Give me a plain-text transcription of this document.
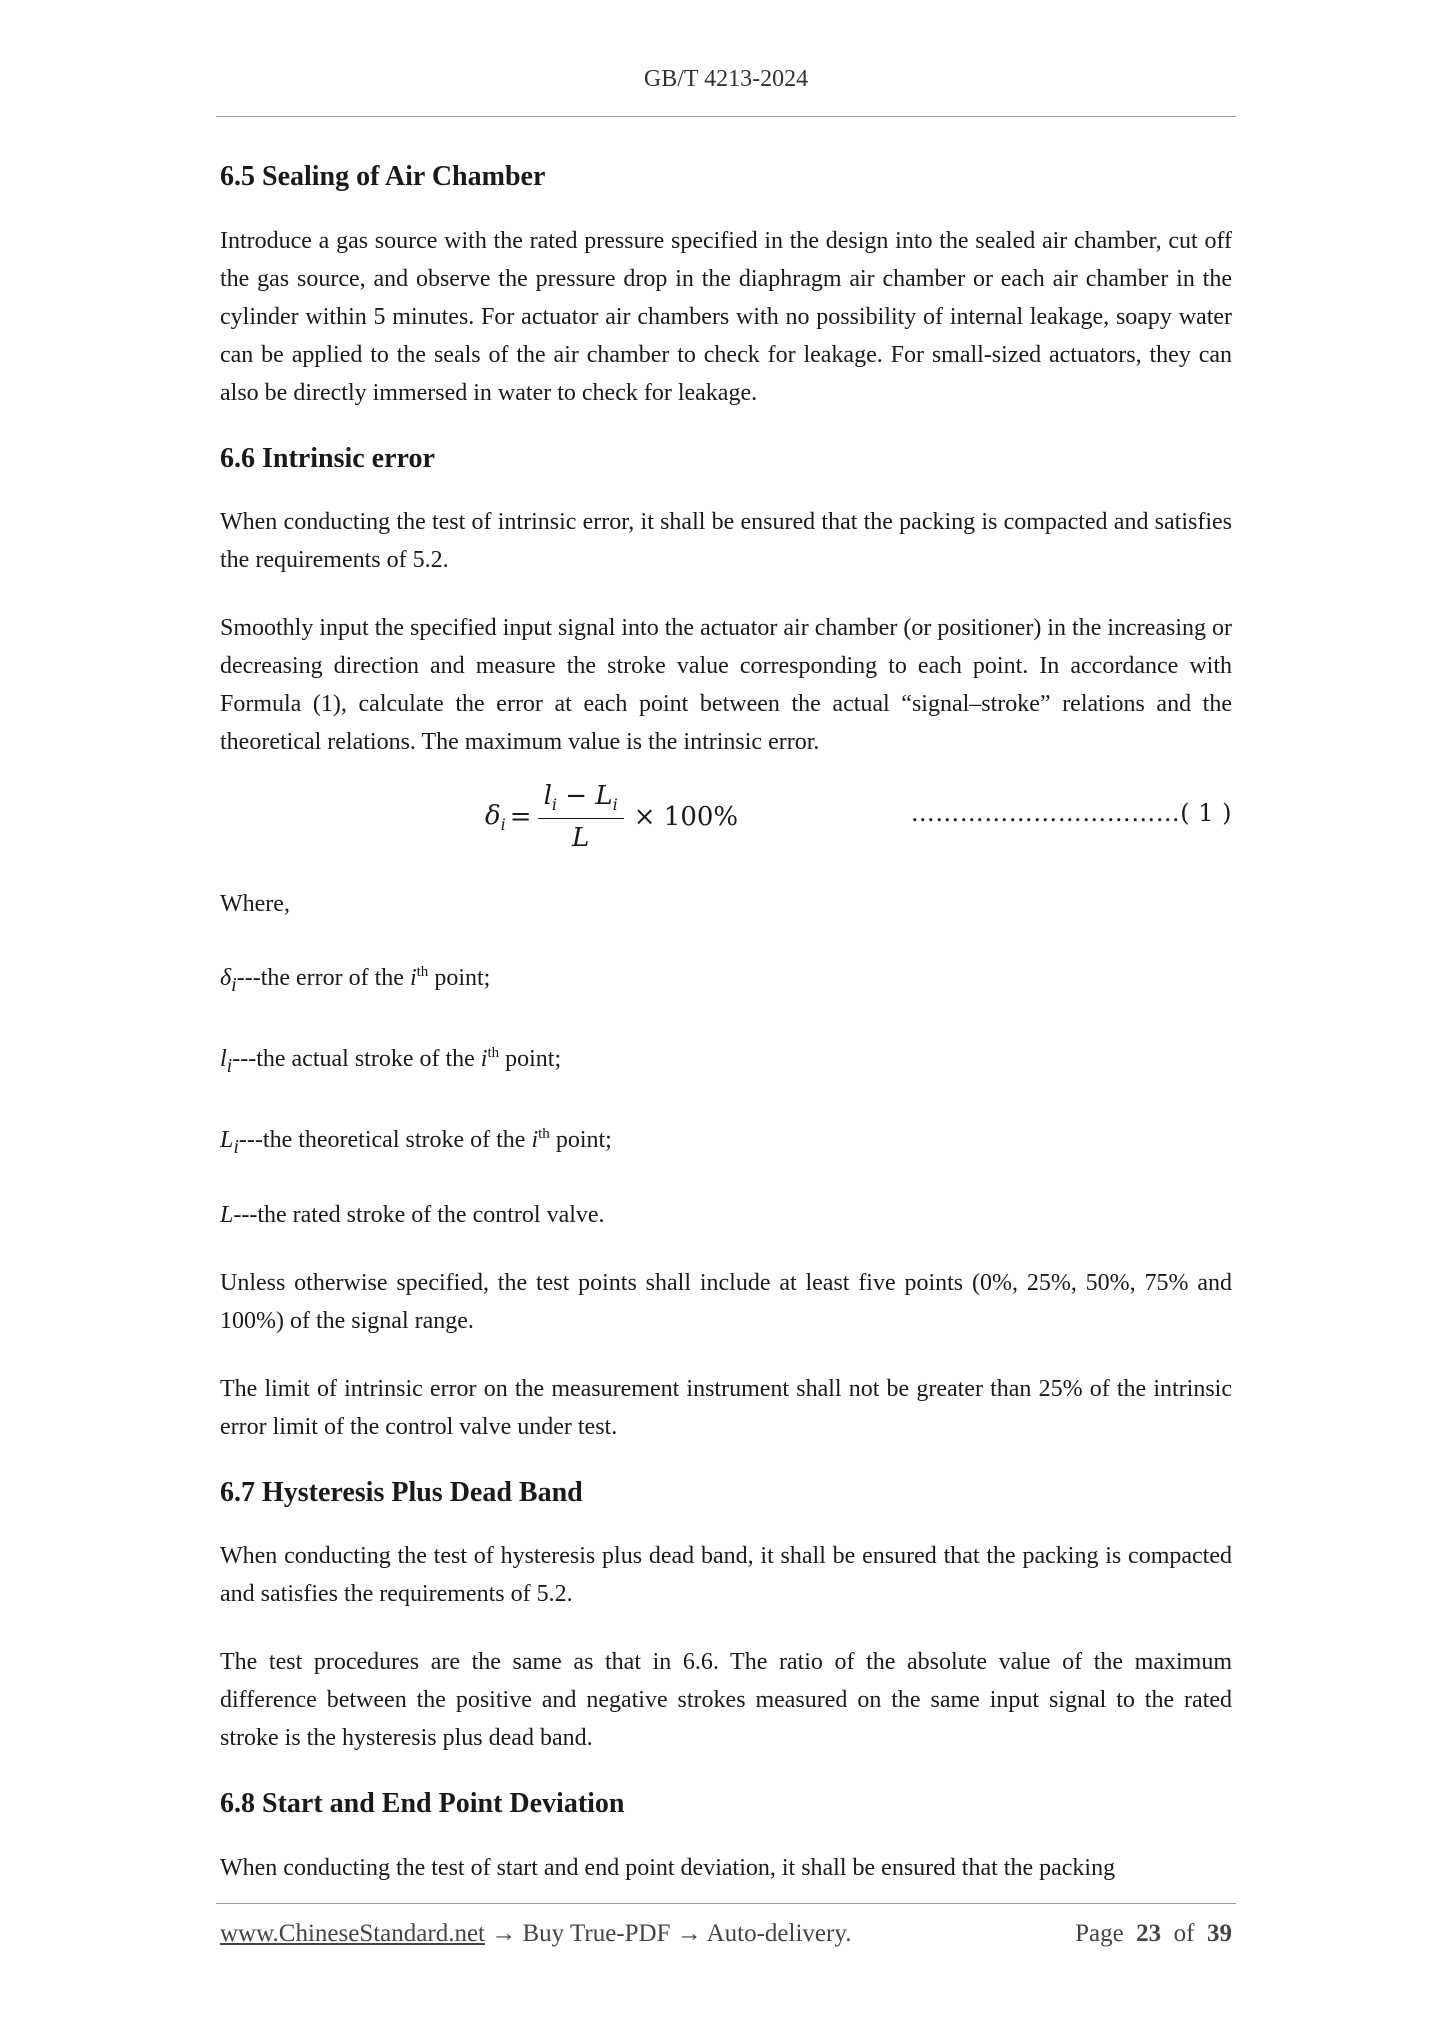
GB/T 4213-2024
6.5 Sealing of Air Chamber

Introduce a gas source with the rated pressure specified in the design into the sealed air chamber, cut off the gas source, and observe the pressure drop in the diaphragm air chamber or each air chamber in the cylinder within 5 minutes. For actuator air chambers with no possibility of internal leakage, soapy water can be applied to the seals of the air chamber to check for leakage. For small-sized actuators, they can also be directly immersed in water to check for leakage.

6.6 Intrinsic error

When conducting the test of intrinsic error, it shall be ensured that the packing is compacted and satisfies the requirements of 5.2.

Smoothly input the specified input signal into the actuator air chamber (or positioner) in the increasing or decreasing direction and measure the stroke value corresponding to each point. In accordance with Formula (1), calculate the error at each point between the actual “signal–stroke” relations and the theoretical relations. The maximum value is the intrinsic error.

$\delta_i = \frac{l_i - L_i}{L} \times 100\%$	……………………………( 1 )

Where,

$\delta_i--$-the error of the $i^{th}$ point;

$l_i--$-the actual stroke of the $i^{th}$ point;

$L_i--$-the theoretical stroke of the $i^{th}$ point;

L---the rated stroke of the control valve.

Unless otherwise specified, the test points shall include at least five points (0%, 25%, 50%, 75% and 100%) of the signal range.

The limit of intrinsic error on the measurement instrument shall not be greater than 25% of the intrinsic error limit of the control valve under test.

6.7 Hysteresis Plus Dead Band

When conducting the test of hysteresis plus dead band, it shall be ensured that the packing is compacted and satisfies the requirements of 5.2.

The test procedures are the same as that in 6.6. The ratio of the absolute value of the maximum difference between the positive and negative strokes measured on the same input signal to the rated stroke is the hysteresis plus dead band.

6.8 Start and End Point Deviation

When conducting the test of start and end point deviation, it shall be ensured that the packing

www.ChineseStandard.net → Buy True-PDF → Auto-delivery.	Page 23 of 39
